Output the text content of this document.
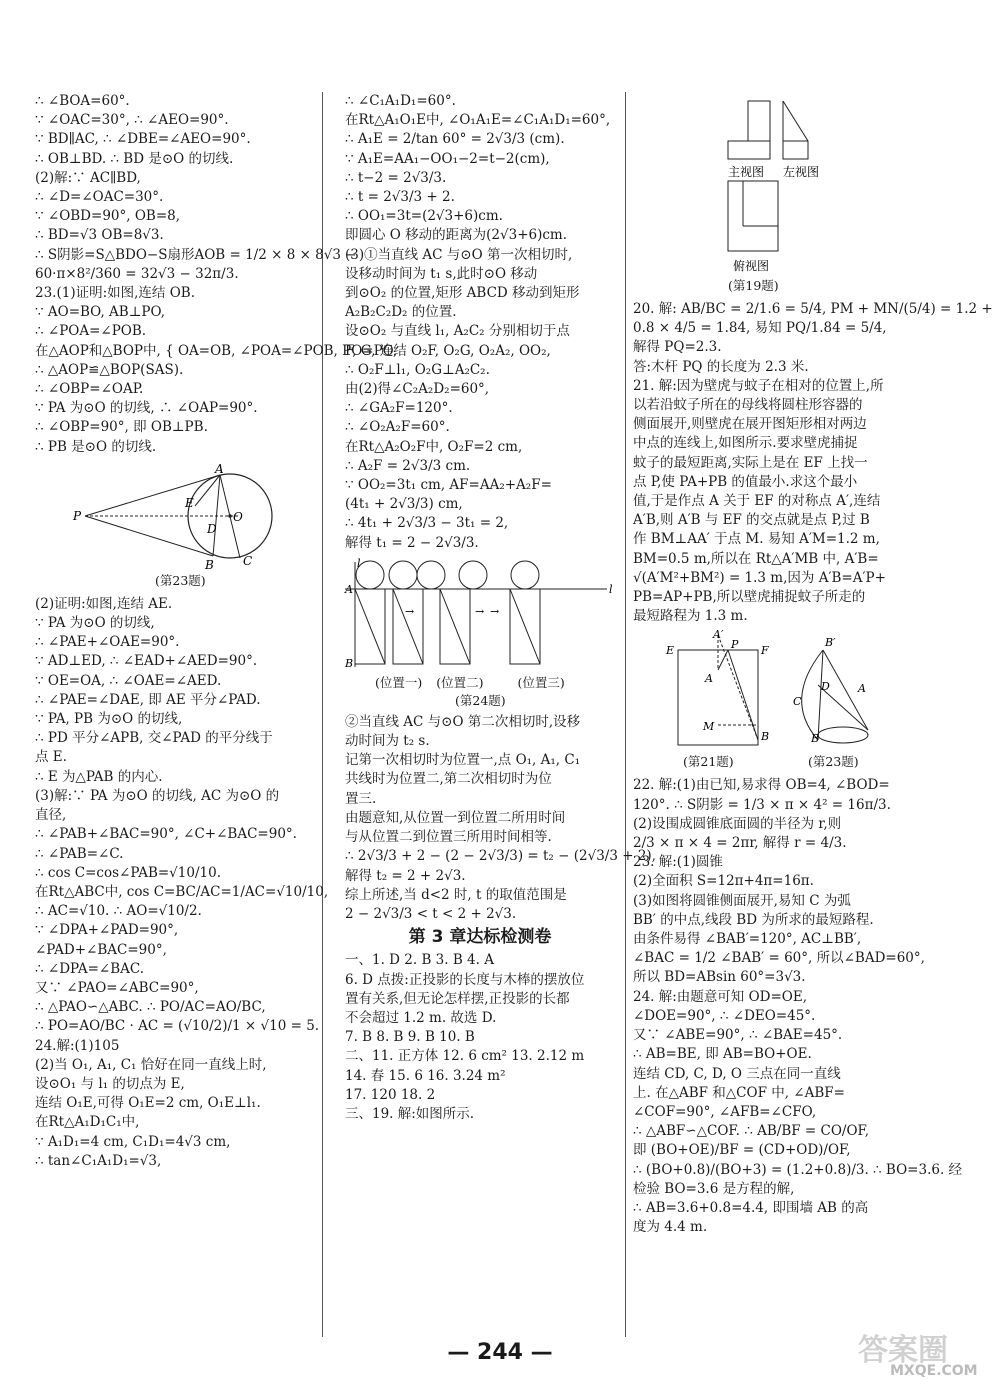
∴ ∠BOA=60°.
∵ ∠OAC=30°, ∴ ∠AEO=90°.
∵ BD∥AC, ∴ ∠DBE=∠AEO=90°.
∴ OB⊥BD. ∴ BD 是⊙O 的切线.
(2)解:∵ AC∥BD,
∴ ∠D=∠OAC=30°.
∵ ∠OBD=90°, OB=8,
∴ BD=√3 OB=8√3.
∴ S阴影=S△BDO−S扇形AOB = 1/2 × 8 × 8√3 −
60·π×8²/360 = 32√3 − 32π/3.
23.(1)证明:如图,连结 OB.
∵ AO=BO, AB⊥PO,
∴ ∠POA=∠POB.
在△AOP和△BOP中, { OA=OB, ∠POA=∠POB, PO=PO,
∴ △AOP≌△BOP(SAS).
∴ ∠OBP=∠OAP.
∵ PA 为⊙O 的切线, ∴ ∠OAP=90°.
∴ ∠OBP=90°, 即 OB⊥PB.
∴ PB 是⊙O 的切线.
P
A
E
D
O
B C
(第23题)
(2)证明:如图,连结 AE.
∵ PA 为⊙O 的切线,
∴ ∠PAE+∠OAE=90°.
∵ AD⊥ED, ∴ ∠EAD+∠AED=90°.
∵ OE=OA, ∴ ∠OAE=∠AED.
∴ ∠PAE=∠DAE, 即 AE 平分∠PAD.
∵ PA, PB 为⊙O 的切线,
∴ PD 平分∠APB, 交∠PAD 的平分线于
点 E.
∴ E 为△PAB 的内心.
(3)解:∵ PA 为⊙O 的切线, AC 为⊙O 的
直径,
∴ ∠PAB+∠BAC=90°, ∠C+∠BAC=90°.
∴ ∠PAB=∠C.
∴ cos C=cos∠PAB=√10/10.
在Rt△ABC中, cos C=BC/AC=1/AC=√10/10,
∴ AC=√10. ∴ AO=√10/2.
∵ ∠DPA+∠PAD=90°,
∠PAD+∠BAC=90°,
∴ ∠DPA=∠BAC.
又∵ ∠PAO=∠ABC=90°,
∴ △PAO∽△ABC. ∴ PO/AC=AO/BC,
∴ PO=AO/BC · AC = (√10/2)/1 × √10 = 5.
24.解:(1)105
(2)当 O₁, A₁, C₁ 恰好在同一直线上时,
设⊙O₁ 与 l₁ 的切点为 E,
连结 O₁E,可得 O₁E=2 cm, O₁E⊥l₁.
在Rt△A₁D₁C₁中,
∵ A₁D₁=4 cm, C₁D₁=4√3 cm,
∴ tan∠C₁A₁D₁=√3,
∴ ∠C₁A₁D₁=60°.
在Rt△A₁O₁E中, ∠O₁A₁E=∠C₁A₁D₁=60°,
∴ A₁E = 2/tan 60° = 2√3/3 (cm).
∵ A₁E=AA₁−OO₁−2=t−2(cm),
∴ t−2 = 2√3/3.
∴ t = 2√3/3 + 2.
∴ OO₁=3t=(2√3+6)cm.
即圆心 O 移动的距离为(2√3+6)cm.
(3)①当直线 AC 与⊙O 第一次相切时,
设移动时间为 t₁ s,此时⊙O 移动
到⊙O₂ 的位置,矩形 ABCD 移动到矩形
A₂B₂C₂D₂ 的位置.
设⊙O₂ 与直线 l₁, A₂C₂ 分别相切于点
F, G, 连结 O₂F, O₂G, O₂A₂, OO₂,
∴ O₂F⊥l₁, O₂G⊥A₂C₂.
由(2)得∠C₂A₂D₂=60°,
∴ ∠GA₂F=120°.
∴ ∠O₂A₂F=60°.
在Rt△A₂O₂F中, O₂F=2 cm,
∴ A₂F = 2√3/3 cm.
∵ OO₂=3t₁ cm, AF=AA₂+A₂F=
(4t₁ + 2√3/3) cm,
∴ 4t₁ + 2√3/3 − 3t₁ = 2,
解得 t₁ = 2 − 2√3/3.
→	→ →
A
B
l
l
(位置一) (位置二)	(位置三)
(第24题)
②当直线 AC 与⊙O 第二次相切时,设移
动时间为 t₂ s.
记第一次相切时为位置一,点 O₁, A₁, C₁
共线时为位置二,第二次相切时为位
置三.
由题意知,从位置一到位置二所用时间
与从位置二到位置三所用时间相等.
∴ 2√3/3 + 2 − (2 − 2√3/3) = t₂ − (2√3/3 + 2),
解得 t₂ = 2 + 2√3.
综上所述,当 d<2 时, t 的取值范围是
2 − 2√3/3 < t < 2 + 2√3.
第 3 章达标检测卷
一、1. D 2. B 3. B 4. A
6. D 点拨:正投影的长度与木棒的摆放位
置有关系,但无论怎样摆,正投影的长都
不会超过 1.2 m. 故选 D.
7. B 8. B 9. B 10. B
二、11. 正方体 12. 6 cm² 13. 2.12 m
14. 春 15. 6 16. 3.24 m²
17. 120 18. 2
三、19. 解:如图所示.
主视图 左视图
俯视图
(第19题)
20. 解: AB/BC = 2/1.6 = 5/4, PM + MN/(5/4) = 1.2 +
0.8 × 4/5 = 1.84, 易知 PQ/1.84 = 5/4,
解得 PQ=2.3.
答:木杆 PQ 的长度为 2.3 米.
21. 解:因为壁虎与蚊子在相对的位置上,所
以若沿蚊子所在的母线将圆柱形容器的
侧面展开,则壁虎在展开图矩形相对两边
中点的连线上,如图所示.要求壁虎捕捉
蚊子的最短距离,实际上是在 EF 上找一
点 P,使 PA+PB 的值最小.求这个最小
值,于是作点 A 关于 EF 的对称点 A′,连结
A′B,则 A′B 与 EF 的交点就是点 P,过 B
作 BM⊥AA′ 于点 M. 易知 A′M=1.2 m,
BM=0.5 m,所以在 Rt△A′MB 中, A′B=
√(A′M²+BM²) = 1.3 m,因为 A′B=A′P+
PB=AP+PB,所以壁虎捕捉蚊子所走的
最短路程为 1.3 m.
E	F
A′
P
A
M
B
B′
D
C
A
B
(第21题)	(第23题)
22. 解:(1)由已知,易求得 OB=4, ∠BOD=
120°. ∴ S阴影 = 1/3 × π × 4² = 16π/3.
(2)设围成圆锥底面圆的半径为 r,则
2/3 × π × 4 = 2πr, 解得 r = 4/3.
23. 解:(1)圆锥
(2)全面积 S=12π+4π=16π.
(3)如图将圆锥侧面展开,易知 C 为弧
BB′ 的中点,线段 BD 为所求的最短路程.
由条件易得 ∠BAB′=120°, AC⊥BB′,
∠BAC = 1/2 ∠BAB′ = 60°, 所以∠BAD=60°,
所以 BD=ABsin 60°=3√3.
24. 解:由题意可知 OD=OE,
∠DOE=90°, ∴ ∠DEO=45°.
又∵ ∠ABE=90°, ∴ ∠BAE=45°.
∴ AB=BE, 即 AB=BO+OE.
连结 CD, C, D, O 三点在同一直线
上. 在△ABF 和△COF 中, ∠ABF=
∠COF=90°, ∠AFB=∠CFO,
∴ △ABF∽△COF. ∴ AB/BF = CO/OF,
即 (BO+OE)/BF = (CD+OD)/OF,
∴ (BO+0.8)/(BO+3) = (1.2+0.8)/3. ∴ BO=3.6. 经
检验 BO=3.6 是方程的解,
∴ AB=3.6+0.8=4.4, 即围墙 AB 的高
度为 4.4 m.
— 244 —	答案圈
MXQE.COM
